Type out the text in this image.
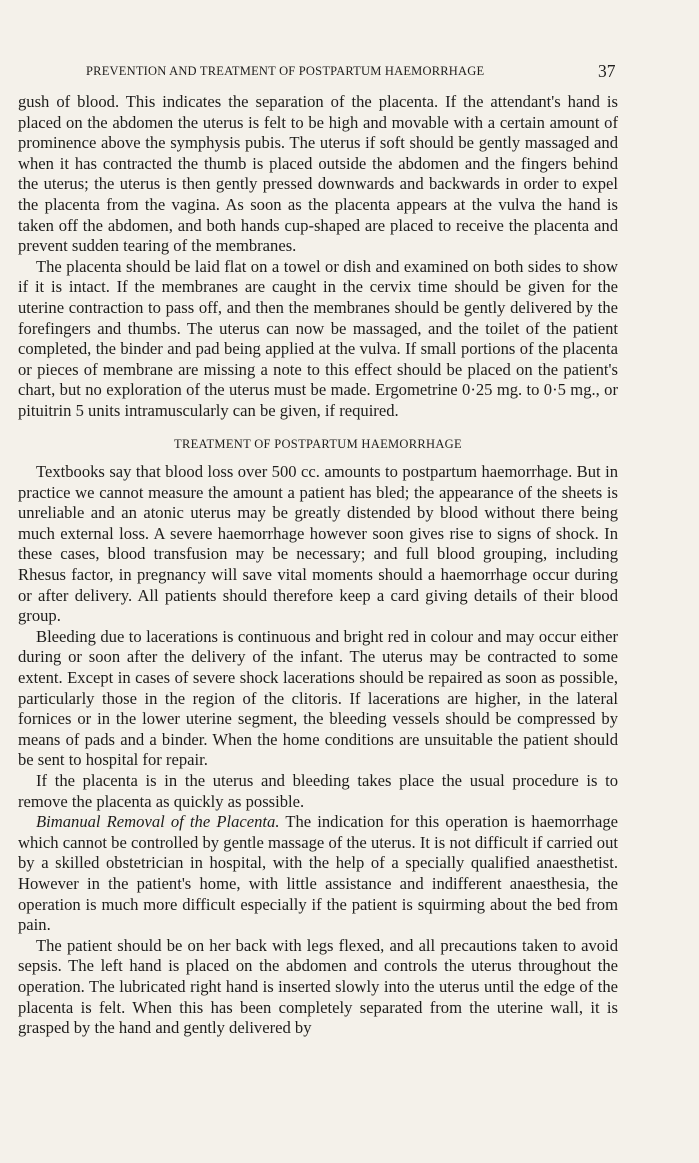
PREVENTION AND TREATMENT OF POSTPARTUM HAEMORRHAGE	37

gush of blood. This indicates the separation of the placenta. If the attendant's hand is placed on the abdomen the uterus is felt to be high and movable with a certain amount of prominence above the symphysis pubis. The uterus if soft should be gently massaged and when it has contracted the thumb is placed outside the abdomen and the fingers behind the uterus; the uterus is then gently pressed downwards and backwards in order to expel the placenta from the vagina. As soon as the placenta appears at the vulva the hand is taken off the abdomen, and both hands cup-shaped are placed to receive the placenta and prevent sudden tearing of the membranes.

The placenta should be laid flat on a towel or dish and examined on both sides to show if it is intact. If the membranes are caught in the cervix time should be given for the uterine contraction to pass off, and then the membranes should be gently delivered by the forefingers and thumbs. The uterus can now be massaged, and the toilet of the patient completed, the binder and pad being applied at the vulva. If small portions of the placenta or pieces of membrane are missing a note to this effect should be placed on the patient's chart, but no exploration of the uterus must be made. Ergometrine 0·25 mg. to 0·5 mg., or pituitrin 5 units intramuscularly can be given, if required.

TREATMENT OF POSTPARTUM HAEMORRHAGE

Textbooks say that blood loss over 500 cc. amounts to postpartum haemorrhage. But in practice we cannot measure the amount a patient has bled; the appearance of the sheets is unreliable and an atonic uterus may be greatly distended by blood without there being much external loss. A severe haemorrhage however soon gives rise to signs of shock. In these cases, blood transfusion may be necessary; and full blood grouping, including Rhesus factor, in pregnancy will save vital moments should a haemorrhage occur during or after delivery. All patients should therefore keep a card giving details of their blood group.

Bleeding due to lacerations is continuous and bright red in colour and may occur either during or soon after the delivery of the infant. The uterus may be contracted to some extent. Except in cases of severe shock lacerations should be repaired as soon as possible, particularly those in the region of the clitoris. If lacerations are higher, in the lateral fornices or in the lower uterine segment, the bleeding vessels should be compressed by means of pads and a binder. When the home conditions are unsuitable the patient should be sent to hospital for repair.

If the placenta is in the uterus and bleeding takes place the usual procedure is to remove the placenta as quickly as possible.

Bimanual Removal of the Placenta. The indication for this operation is haemorrhage which cannot be controlled by gentle massage of the uterus. It is not difficult if carried out by a skilled obstetrician in hospital, with the help of a specially qualified anaesthetist. However in the patient's home, with little assistance and indifferent anaesthesia, the operation is much more difficult especially if the patient is squirming about the bed from pain.

The patient should be on her back with legs flexed, and all precautions taken to avoid sepsis. The left hand is placed on the abdomen and controls the uterus throughout the operation. The lubricated right hand is inserted slowly into the uterus until the edge of the placenta is felt. When this has been completely separated from the uterine wall, it is grasped by the hand and gently delivered by
